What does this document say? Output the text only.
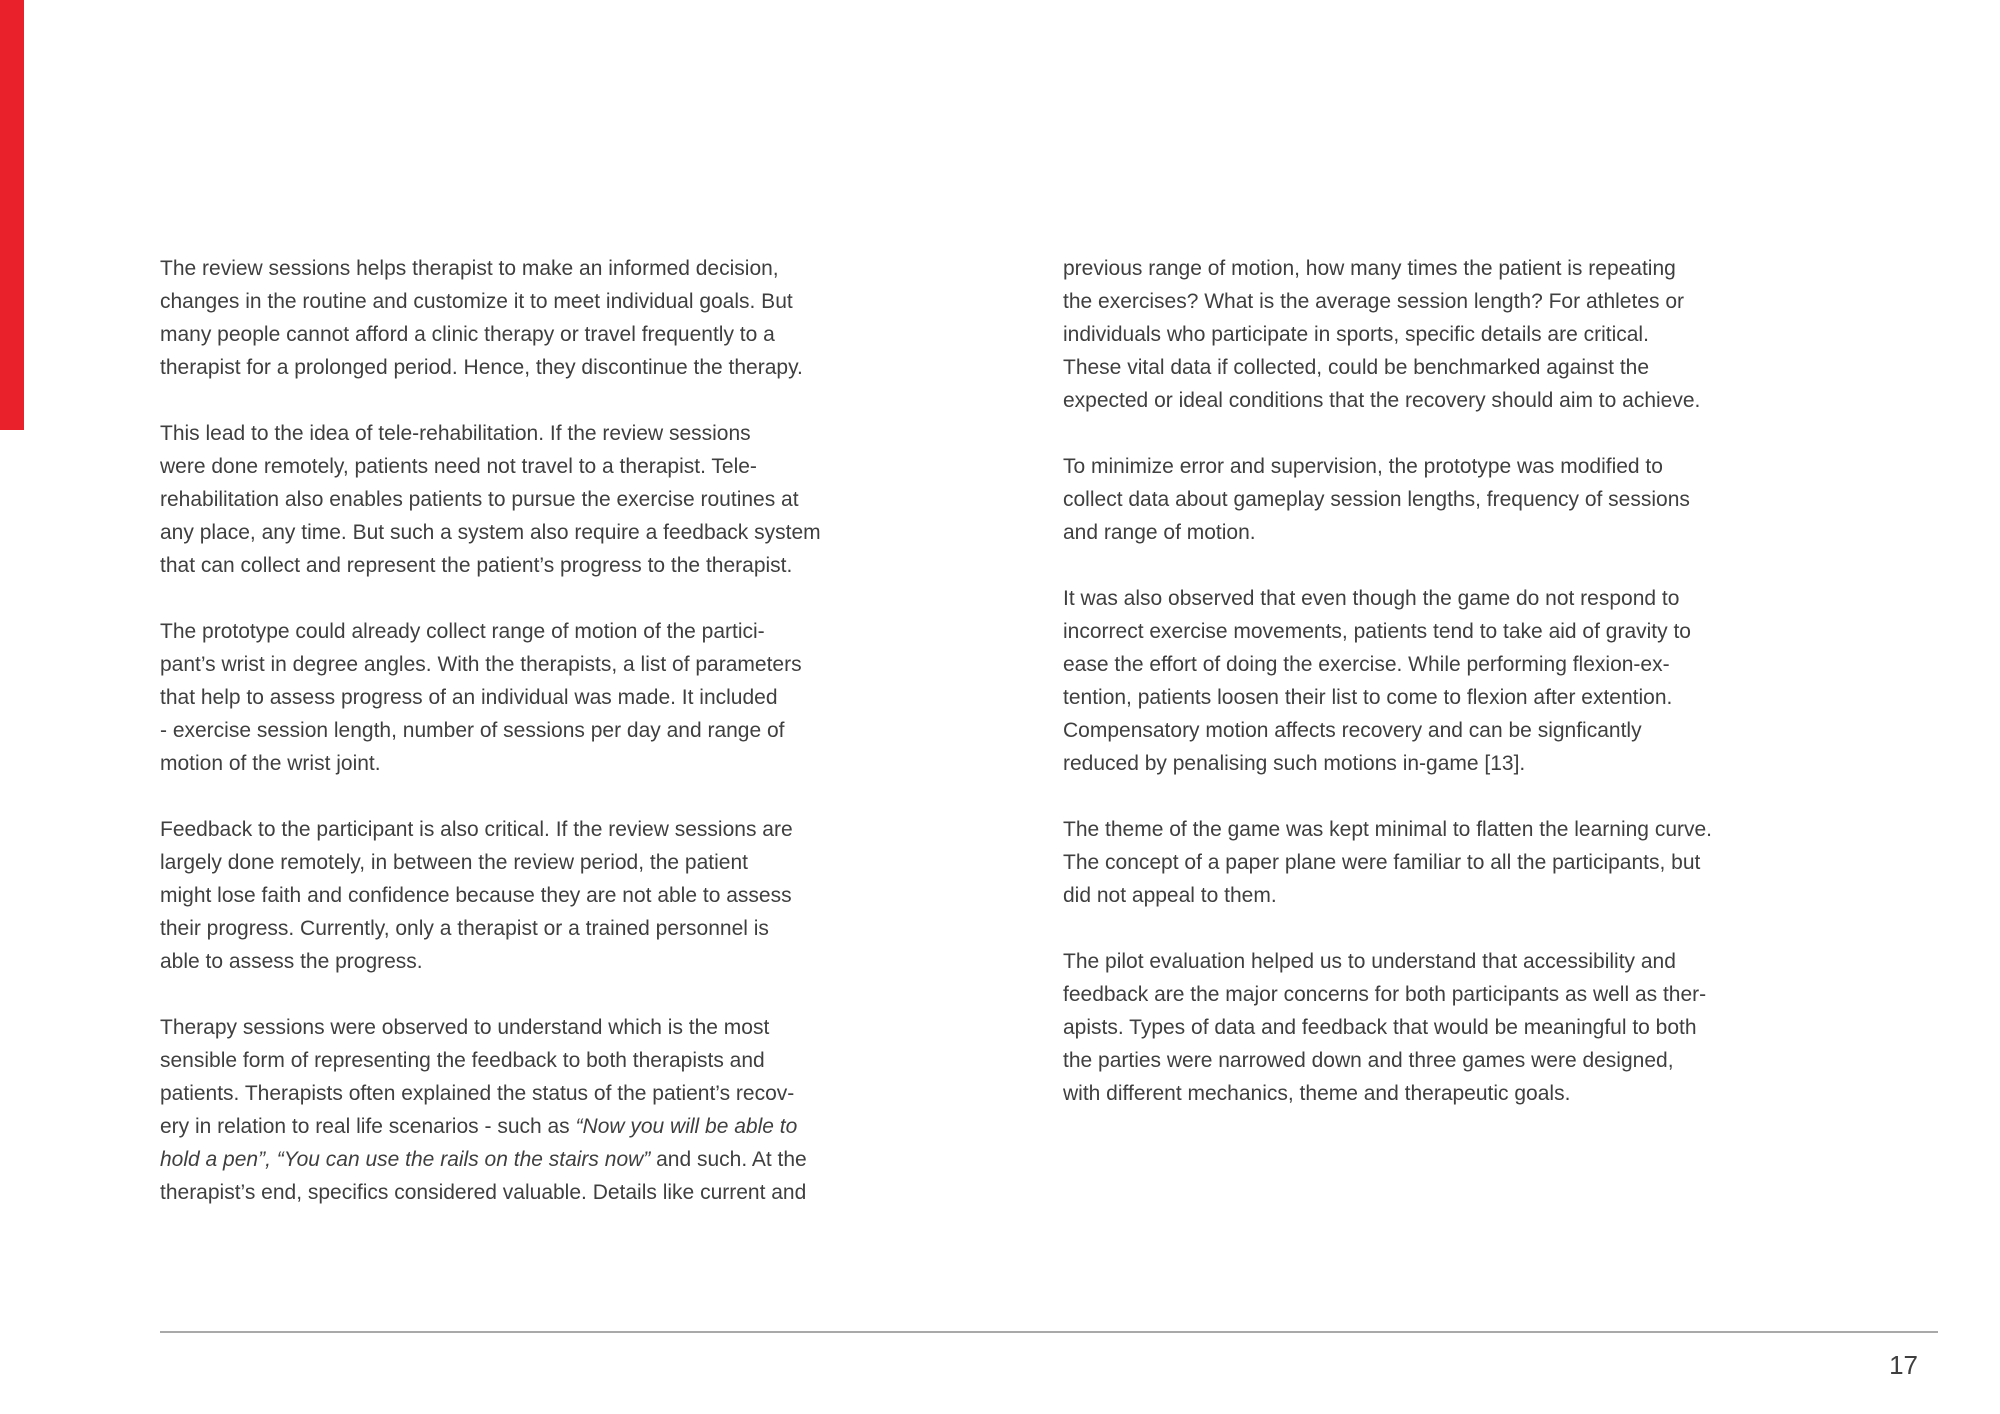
The review sessions helps therapist to make an informed decision,
changes in the routine and customize it to meet individual goals. But
many people cannot afford a clinic therapy or travel frequently to a
therapist for a prolonged period. Hence, they discontinue the therapy.

This lead to the idea of tele-rehabilitation. If the review sessions
were done remotely, patients need not travel to a therapist. Tele-
rehabilitation also enables patients to pursue the exercise routines at
any place, any time. But such a system also require a feedback system
that can collect and represent the patient’s progress to the therapist.

The prototype could already collect range of motion of the partici-
pant’s wrist in degree angles. With the therapists, a list of parameters
that help to assess progress of an individual was made. It included
- exercise session length, number of sessions per day and range of
motion of the wrist joint.

Feedback to the participant is also critical. If the review sessions are
largely done remotely, in between the review period, the patient
might lose faith and confidence because they are not able to assess
their progress. Currently, only a therapist or a trained personnel is
able to assess the progress.

Therapy sessions were observed to understand which is the most
sensible form of representing the feedback to both therapists and
patients. Therapists often explained the status of the patient’s recov-
ery in relation to real life scenarios - such as “Now you will be able to
hold a pen”, “You can use the rails on the stairs now” and such. At the
therapist’s end, specifics considered valuable. Details like current and

previous range of motion, how many times the patient is repeating
the exercises? What is the average session length? For athletes or
individuals who participate in sports, specific details are critical.
These vital data if collected, could be benchmarked against the
expected or ideal conditions that the recovery should aim to achieve.

To minimize error and supervision, the prototype was modified to
collect data about gameplay session lengths, frequency of sessions
and range of motion.

It was also observed that even though the game do not respond to
incorrect exercise movements, patients tend to take aid of gravity to
ease the effort of doing the exercise. While performing flexion-ex-
tention, patients loosen their list to come to flexion after extention.
Compensatory motion affects recovery and can be signficantly
reduced by penalising such motions in-game [13].

The theme of the game was kept minimal to flatten the learning curve.
The concept of a paper plane were familiar to all the participants, but
did not appeal to them.

The pilot evaluation helped us to understand that accessibility and
feedback are the major concerns for both participants as well as ther-
apists. Types of data and feedback that would be meaningful to both
the parties were narrowed down and three games were designed,
with different mechanics, theme and therapeutic goals.

17
